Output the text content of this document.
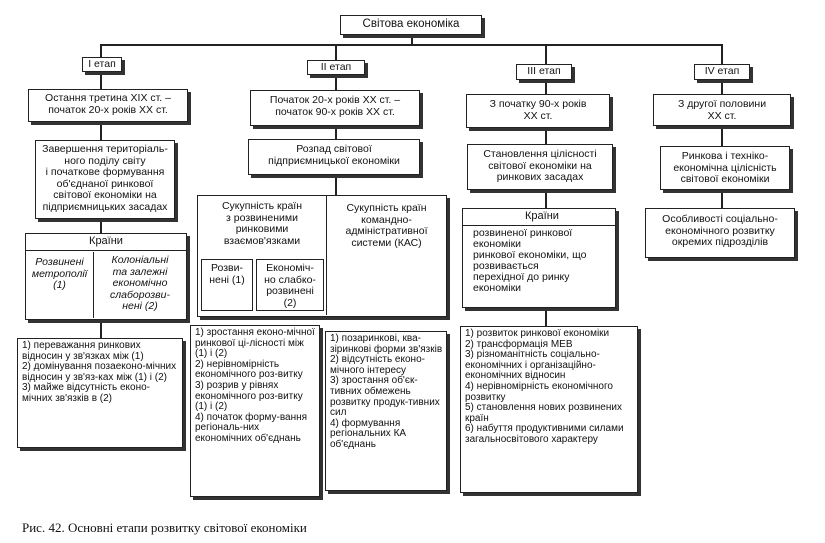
Світова економіка
І етап
Остання третина ХІХ ст. –
початок 20-х років ХХ ст.
Завершення територіаль-
ного поділу світу
і початкове формування
об'єднаної ринкової
світової економіки на
підприємницьких засадах
Країни
Розвинені
метрополії
(1)
Колоніальні
та залежні
економічно
слаборозви-
нені (2)
1) переважання ринкових відносин у зв'язках між (1)
2) домінування позаеконо-мічних відносин у зв'яз-ках між (1) і (2)
3) майже відсутність еконо-мічних зв'язків в (2)
ІІ етап
Початок 20-х років ХХ ст. –
початок 90-х років ХХ ст.
Розпад світової
підприємницької економіки
Сукупність країн
з розвиненими
ринковими
взаємов'язками
Розви-
нені (1)
Економіч-
но слабко-
розвинені
(2)
Сукупність країн
командно-
адміністративної
системи (КАС)
1) зростання еконо-мічної ринкової ці-лісності між (1) і (2)
2) нерівномірність економічного роз-витку
3) розрив у рівнях економічного роз-витку (1) і (2)
4) початок форму-вання регіональ-них економічних об'єднань
1) позаринкові, ква-зіринкові форми зв'язків
2) відсутність еконо-мічного інтересу
3) зростання об'єк-тивних обмежень розвитку продук-тивних сил
4) формування регіональних КА об'єднань
ІІІ етап
З початку 90-х років
ХХ ст.
Становлення цілісності
світової економіки на
ринкових засадах
Країни
розвиненої ринкової
економіки
ринкової економіки, що
розвивається
перехідної до ринку
економіки
1) розвиток ринкової економіки
2) трансформація МЕВ
3) різноманітність соціально-економічних і організаційно-економічних відносин
4) нерівномірність економічного розвитку
5) становлення нових розвинених країн
6) набуття продуктивними силами загальносвітового характеру
IV етап
З другої половини
ХХ ст.
Ринкова і техніко-
економічна цілісність
світової економіки
Особливості соціально-
економічного розвитку
окремих підрозділів
Рис. 42. Основні етапи розвитку світової економіки
